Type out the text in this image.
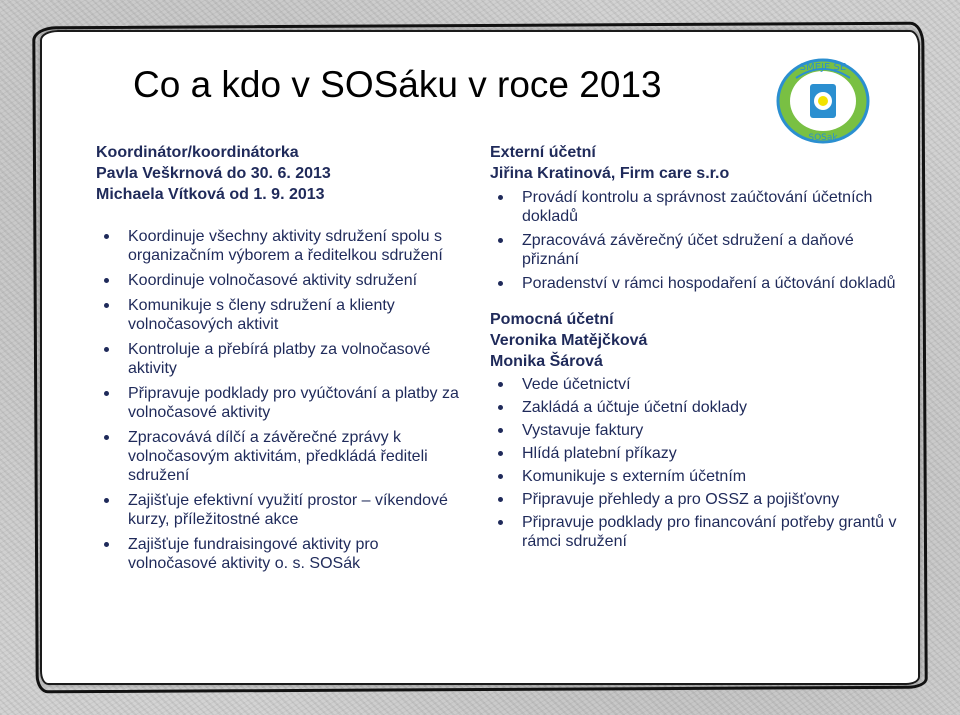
Co a kdo v SOSáku v roce 2013	SMEJE SE
SOSak
Koordinátor/koordinátorka
Pavla Veškrnová do 30. 6. 2013
Michaela Vítková od 1. 9. 2013
Koordinuje všechny aktivity sdružení spolu s organizačním výborem a ředitelkou sdružení
Koordinuje volnočasové aktivity sdružení
Komunikuje s členy sdružení a klienty volnočasových aktivit
Kontroluje a přebírá platby za volnočasové aktivity
Připravuje podklady pro vyúčtování a platby za volnočasové aktivity
Zpracovává dílčí a závěrečné zprávy k volnočasovým aktivitám, předkládá řediteli sdružení
Zajišťuje efektivní využití prostor – víkendové kurzy, příležitostné akce
Zajišťuje fundraisingové aktivity pro volnočasové aktivity o. s. SOSák
Externí účetní
Jiřina Kratinová, Firm care s.r.o
Provádí kontrolu a správnost zaúčtování účetních dokladů
Zpracovává závěrečný účet sdružení a daňové přiznání
Poradenství v rámci hospodaření a účtování dokladů
Pomocná účetní
Veronika Matějčková
Monika Šárová
Vede účetnictví
Zakládá a účtuje účetní doklady
Vystavuje faktury
Hlídá platební příkazy
Komunikuje s externím účetním
Připravuje přehledy a pro OSSZ a pojišťovny
Připravuje podklady pro financování potřeby grantů v rámci sdružení
